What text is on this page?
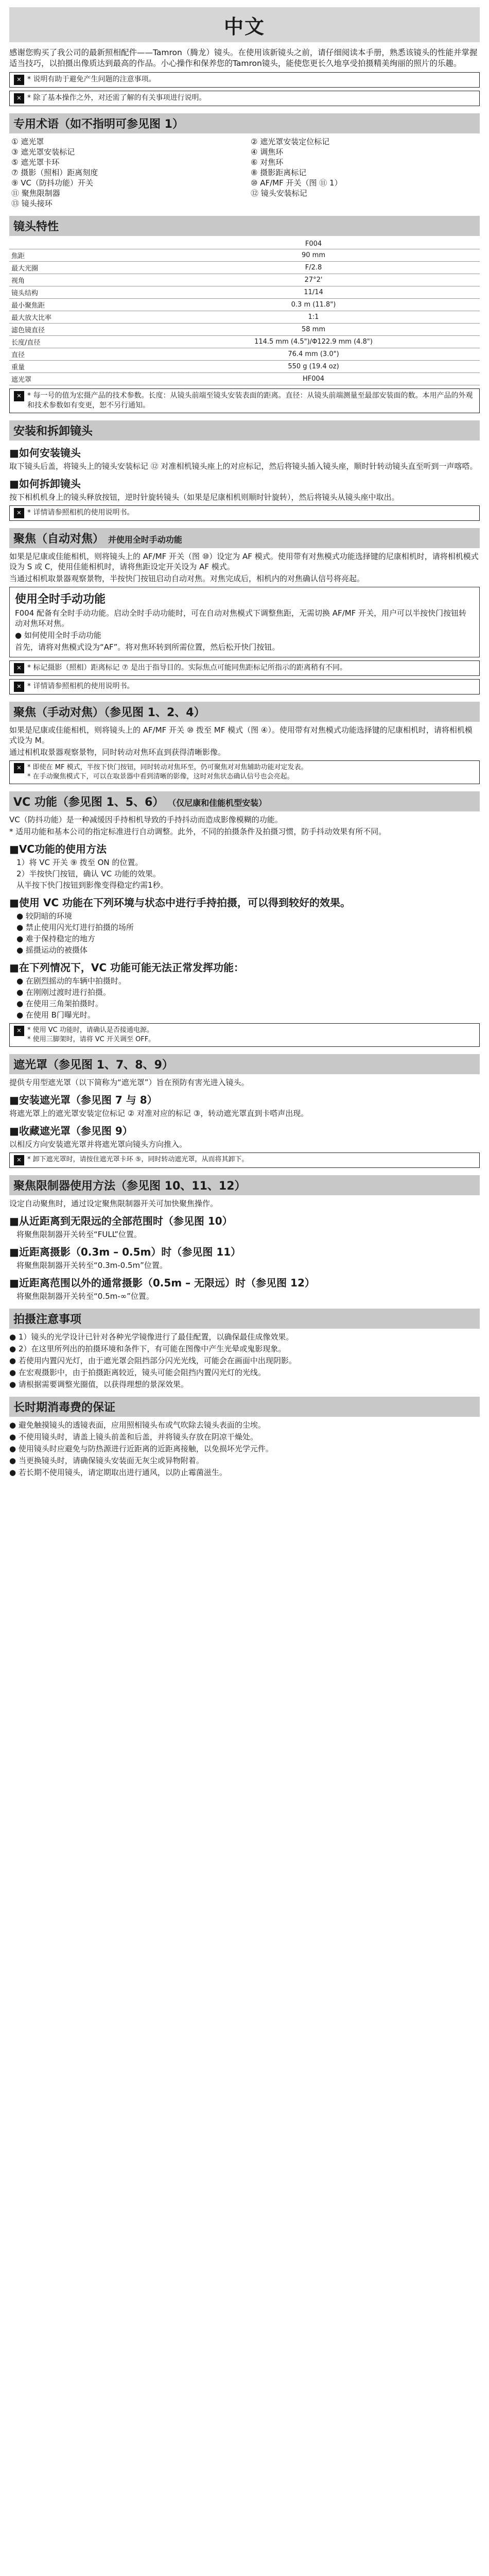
中文

感谢您购买了我公司的最新照相配件——Tamron（腾龙）镜头。在使用该新镜头之前，请仔细阅读本手册，熟悉该镜头的性能并掌握适当技巧，以拍摄出像质达到最高的作品。小心操作和保养您的Tamron镜头，能使您更长久地享受拍摄精美绚丽的照片的乐趣。

✕ * 说明有助于避免产生问题的注意事项。
✕ * 除了基本操作之外，对还需了解的有关事项进行说明。
专用术语（如不指明可参见图 1）
① 遮光罩	② 遮光罩安装定位标记
③ 遮光罩安装标记	④ 调焦环
⑤ 遮光罩卡环	⑥ 对焦环
⑦ 摄影（照相）距离刻度	⑧ 摄影距离标记
⑨ VC（防抖功能）开关	⑩ AF/MF 开关（图 ⑪ 1）
⑪ 聚焦限制器	⑫ 镜头安装标记
⑬ 镜头接环
镜头特性
	F004
焦距	90 mm
最大光圈	F/2.8
视角	27°2'
镜头结构	11/14
最小聚焦距	0.3 m (11.8")
最大放大比率	1:1
滤色镜直径	58 mm
长度/直径	114.5 mm (4.5")/Φ122.9 mm (4.8")
直径	76.4 mm (3.0")
重量	550 g (19.4 oz)
遮光罩	HF004
✕ * 每一号的值为宏摄产品的技术参数。长度：从镜头前端至镜头安装表面的距离。直径：从镜头前端测量至最部安装面的数。本用产品的外观和技术参数如有变更，恕不另行通知。
安装和拆卸镜头
■如何安装镜头

取下镜头后盖，将镜头上的镜头安装标记 ⑫ 对准相机镜头座上的对应标记，然后将镜头插入镜头座，顺时针转动镜头直至听到一声喀嗒。

■如何拆卸镜头

按下相机机身上的镜头释放按钮，逆时针旋转镜头（如果是尼康相机则顺时针旋转），然后将镜头从镜头座中取出。

✕ * 详情请参照相机的使用说明书。
聚焦（自动对焦） 并使用全时手动功能

如果是尼康或佳能相机，则将镜头上的 AF/MF 开关（图 ⑩）设定为 AF 模式。使用带有对焦模式功能选择键的尼康相机时，请将相机模式设为 S 或 C，使用佳能相机时，请将焦距设定开关设为 AF 模式。

当通过相机取景器观察景物，半按快门按钮启动自动对焦。对焦完成后，相机内的对焦确认信号将亮起。

使用全时手动功能

F004 配备有全时手动功能。启动全时手动功能时，可在自动对焦模式下调整焦距，无需切换 AF/MF 开关，用户可以半按快门按钮转动对焦环对焦。

● 如何使用全时手动功能

首先，请将对焦模式设为“AF”。将对焦环转到所需位置，然后松开快门按钮。

✕ * 标记摄影（照相）距离标记 ⑦ 是出于指导目的。实际焦点可能同焦距标记所指示的距离稍有不同。
✕ * 详情请参照相机的使用说明书。
聚焦（手动对焦）（参见图 1、2、4）

如果是尼康或佳能相机，则将镜头上的 AF/MF 开关 ⑩ 拨至 MF 模式（图 ④）。使用带有对焦模式功能选择键的尼康相机时，请将相机模式设为 M。

通过相机取景器观察景物，同时转动对焦环直到获得清晰影像。

✕ * 即使在 MF 模式，半按下快门按钮，同时转动对焦环至，仍可聚焦对对焦辅助功能对定发表。
* 在手动聚焦模式下，可以在取景器中看到清晰的影像，这时对焦状态确认信号也会亮起。
VC 功能（参见图 1、5、6） （仅尼康和佳能机型安装）

VC（防抖功能）是一种减缓因手持相机导致的手持抖动而造成影像模糊的功能。

* 适用功能和基本公司的指定标准进行自动调整。此外，不同的拍摄条件及拍摄习惯，防手抖动效果有所不同。

■VC功能的使用方法

1）将 VC 开关 ⑨ 拨至 ON 的位置。

2）半按快门按钮，确认 VC 功能的效果。

从半按下快门按钮到影像变得稳定约需1秒。

■使用 VC 功能在下列环境与状态中进行手持拍摄，可以得到较好的效果。

● 较阴暗的环境

● 禁止使用闪光灯进行拍摄的场所

● 难于保持稳定的地方

● 摇摄运动的被摄体

■在下列情况下，VC 功能可能无法正常发挥功能：

● 在剧烈摇动的车辆中拍摄时。

● 在刚刚过渡时进行拍摄。

● 在使用三角架拍摄时。

● 在使用 B门曝光时。

✕ * 使用 VC 功能时，请确认是否接通电源。
* 使用三脚架时，请将 VC 开关调至 OFF。
遮光罩（参见图 1、7、8、9）

提供专用型遮光罩（以下简称为“遮光罩”）旨在预防有害光进入镜头。

■安装遮光罩（参见图 7 与 8）

将遮光罩上的遮光罩安装定位标记 ② 对准对应的标记 ③，转动遮光罩直到卡嗒声出现。

■收藏遮光罩（参见图 9）

以相反方向安装遮光罩并将遮光罩向镜头方向推入。

✕ * 卸下遮光罩时，请按住遮光罩卡环 ⑤，同时转动遮光罩，从而将其卸下。
聚焦限制器使用方法（参见图 10、11、12）

设定自动聚焦时，通过设定聚焦限制器开关可加快聚焦操作。

■从近距离到无限远的全部范围时（参见图 10）

将聚焦限制器开关转至“FULL”位置。

■近距离摄影（0.3m – 0.5m）时（参见图 11）

将聚焦限制器开关转至“0.3m-0.5m”位置。

■近距离范围以外的通常摄影（0.5m – 无限远）时（参见图 12）

将聚焦限制器开关转至“0.5m-∞”位置。

拍摄注意事项

● 1）镜头的光学设计已针对各种光学镜像进行了最佳配置，以确保最佳成像效果。

● 2）在这里所列出的拍摄环境和条件下，有可能在图像中产生光晕或鬼影现象。

● 若使用内置闪光灯，由于遮光罩会阻挡部分闪光光线，可能会在画面中出现阴影。

● 在宏观摄影中，由于拍摄距离较近，镜头可能会阻挡内置闪光灯的光线。

● 请根据需要调整光圈值，以获得理想的景深效果。

长时期消毒费的保证

● 避免触摸镜头的透镜表面，应用照相镜头布或气吹除去镜头表面的尘埃。

● 不使用镜头时，请盖上镜头前盖和后盖，并将镜头存放在阴凉干燥处。

● 使用镜头时应避免与防热源进行近距离的近距离接触，以免损坏光学元件。

● 当更换镜头时，请确保镜头安装面无灰尘或异物附着。

● 若长期不使用镜头，请定期取出进行通风，以防止霉菌滋生。
